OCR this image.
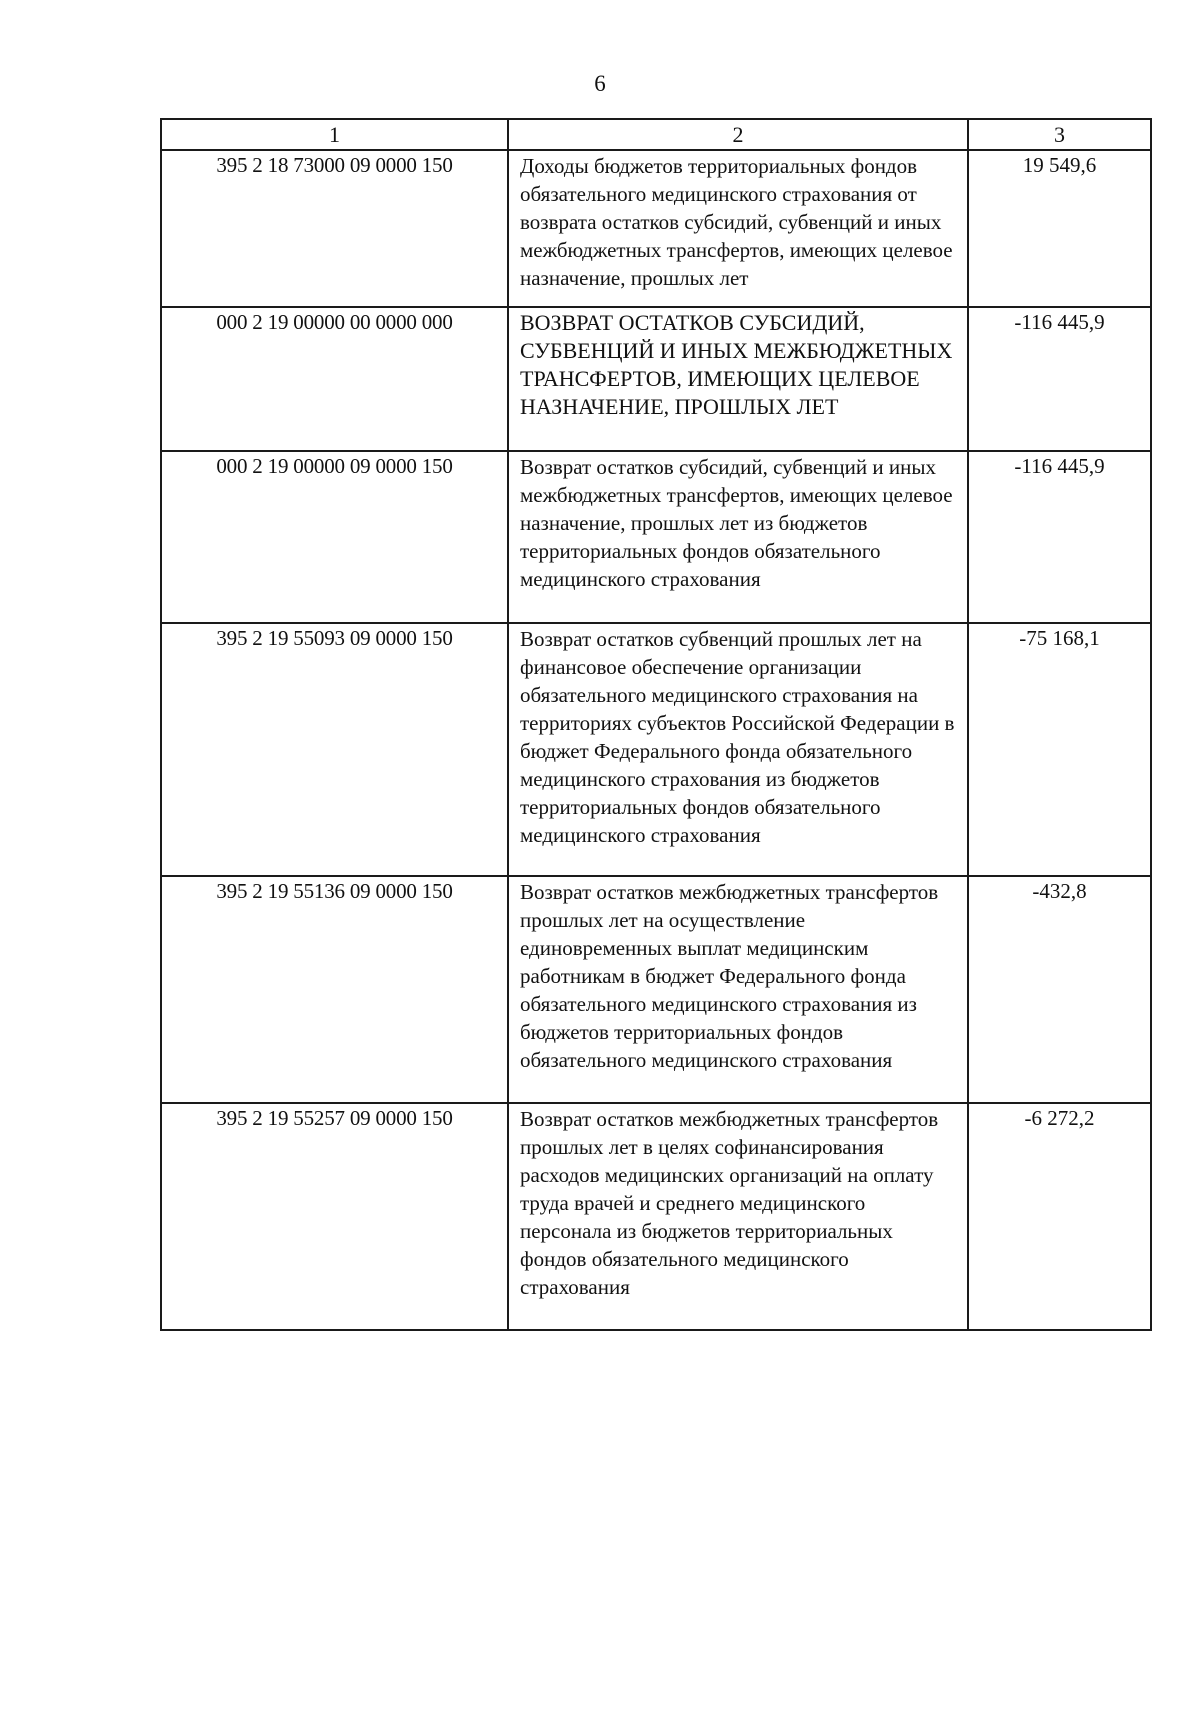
6
1	2	3
395 2 18 73000 09 0000 150	Доходы бюджетов территориальных фондов обязательного медицинского страхования от возврата остатков субсидий, субвенций и иных межбюджетных трансфертов, имеющих целевое назначение, прошлых лет	19 549,6
000 2 19 00000 00 0000 000	ВОЗВРАТ ОСТАТКОВ СУБСИДИЙ, СУБВЕНЦИЙ И ИНЫХ МЕЖБЮДЖЕТНЫХ ТРАНСФЕРТОВ, ИМЕЮЩИХ ЦЕЛЕВОЕ НАЗНАЧЕНИЕ, ПРОШЛЫХ ЛЕТ	-116 445,9
000 2 19 00000 09 0000 150	Возврат остатков субсидий, субвенций и иных межбюджетных трансфертов, имеющих целевое назначение, прошлых лет из бюджетов территориальных фондов обязательного медицинского страхования	-116 445,9
395 2 19 55093 09 0000 150	Возврат остатков субвенций прошлых лет на финансовое обеспечение организации обязательного медицинского страхования на территориях субъектов Российской Федерации в бюджет Федерального фонда обязательного медицинского страхования из бюджетов территориальных фондов обязательного медицинского страхования	-75 168,1
395 2 19 55136 09 0000 150	Возврат остатков межбюджетных трансфертов прошлых лет на осуществление единовременных выплат медицинским работникам в бюджет Федерального фонда обязательного медицинского страхования из бюджетов территориальных фондов обязательного медицинского страхования	-432,8
395 2 19 55257 09 0000 150	Возврат остатков межбюджетных трансфертов прошлых лет в целях софинансирования расходов медицинских организаций на оплату труда врачей и среднего медицинского персонала из бюджетов территориальных фондов обязательного медицинского страхования	-6 272,2
